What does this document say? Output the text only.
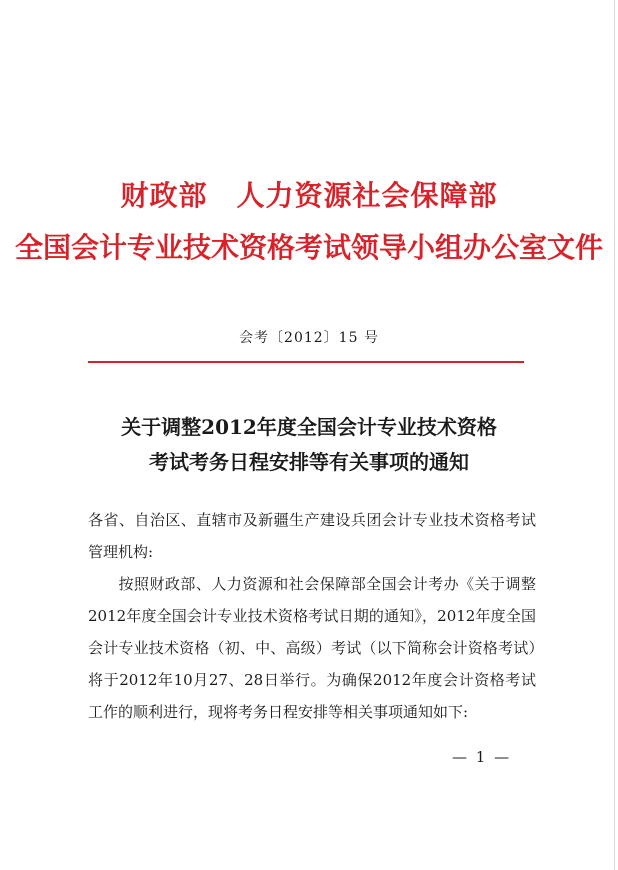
财政部　人力资源社会保障部
全国会计专业技术资格考试领导小组办公室文件
会考〔2012〕15 号
关于调整2012年度全国会计专业技术资格
考试考务日程安排等有关事项的通知
各省、自治区、直辖市及新疆生产建设兵团会计专业技术资格考试管理机构:
按照财政部、人力资源和社会保障部全国会计考办《关于调整2012年度全国会计专业技术资格考试日期的通知》，2012年度全国会计专业技术资格（初、中、高级）考试（以下简称会计资格考试）将于2012年10月27、28日举行。为确保2012年度会计资格考试工作的顺利进行，现将考务日程安排等相关事项通知如下:
— 1 —
